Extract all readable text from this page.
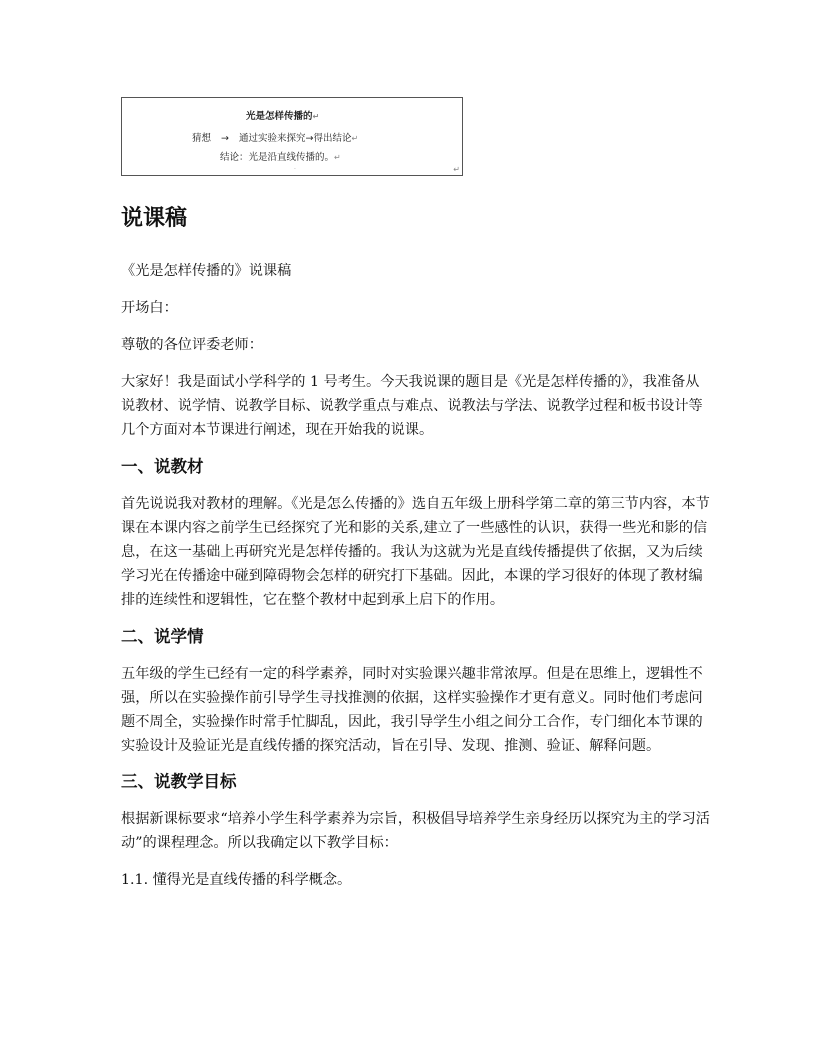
光是怎样传播的↵
猜想 → 通过实验来探究→得出结论↵
结论：光是沿直线传播的。↵
·	↵
说课稿

《光是怎样传播的》说课稿

开场白：

尊敬的各位评委老师：

大家好！我是面试小学科学的 1 号考生。今天我说课的题目是《光是怎样传播的》，我准备从说教材、说学情、说教学目标、说教学重点与难点、说教法与学法、说教学过程和板书设计等几个方面对本节课进行阐述，现在开始我的说课。

一、说教材

首先说说我对教材的理解。《光是怎么传播的》选自五年级上册科学第二章的第三节内容，本节课在本课内容之前学生已经探究了光和影的关系,建立了一些感性的认识，获得一些光和影的信息，在这一基础上再研究光是怎样传播的。我认为这就为光是直线传播提供了依据，又为后续学习光在传播途中碰到障碍物会怎样的研究打下基础。因此，本课的学习很好的体现了教材编排的连续性和逻辑性，它在整个教材中起到承上启下的作用。

二、说学情

五年级的学生已经有一定的科学素养，同时对实验课兴趣非常浓厚。但是在思维上，逻辑性不强，所以在实验操作前引导学生寻找推测的依据，这样实验操作才更有意义。同时他们考虑问题不周全，实验操作时常手忙脚乱，因此，我引导学生小组之间分工合作，专门细化本节课的实验设计及验证光是直线传播的探究活动，旨在引导、发现、推测、验证、解释问题。

三、说教学目标

根据新课标要求“培养小学生科学素养为宗旨，积极倡导培养学生亲身经历以探究为主的学习活动”的课程理念。所以我确定以下教学目标：

1.1. 懂得光是直线传播的科学概念。
